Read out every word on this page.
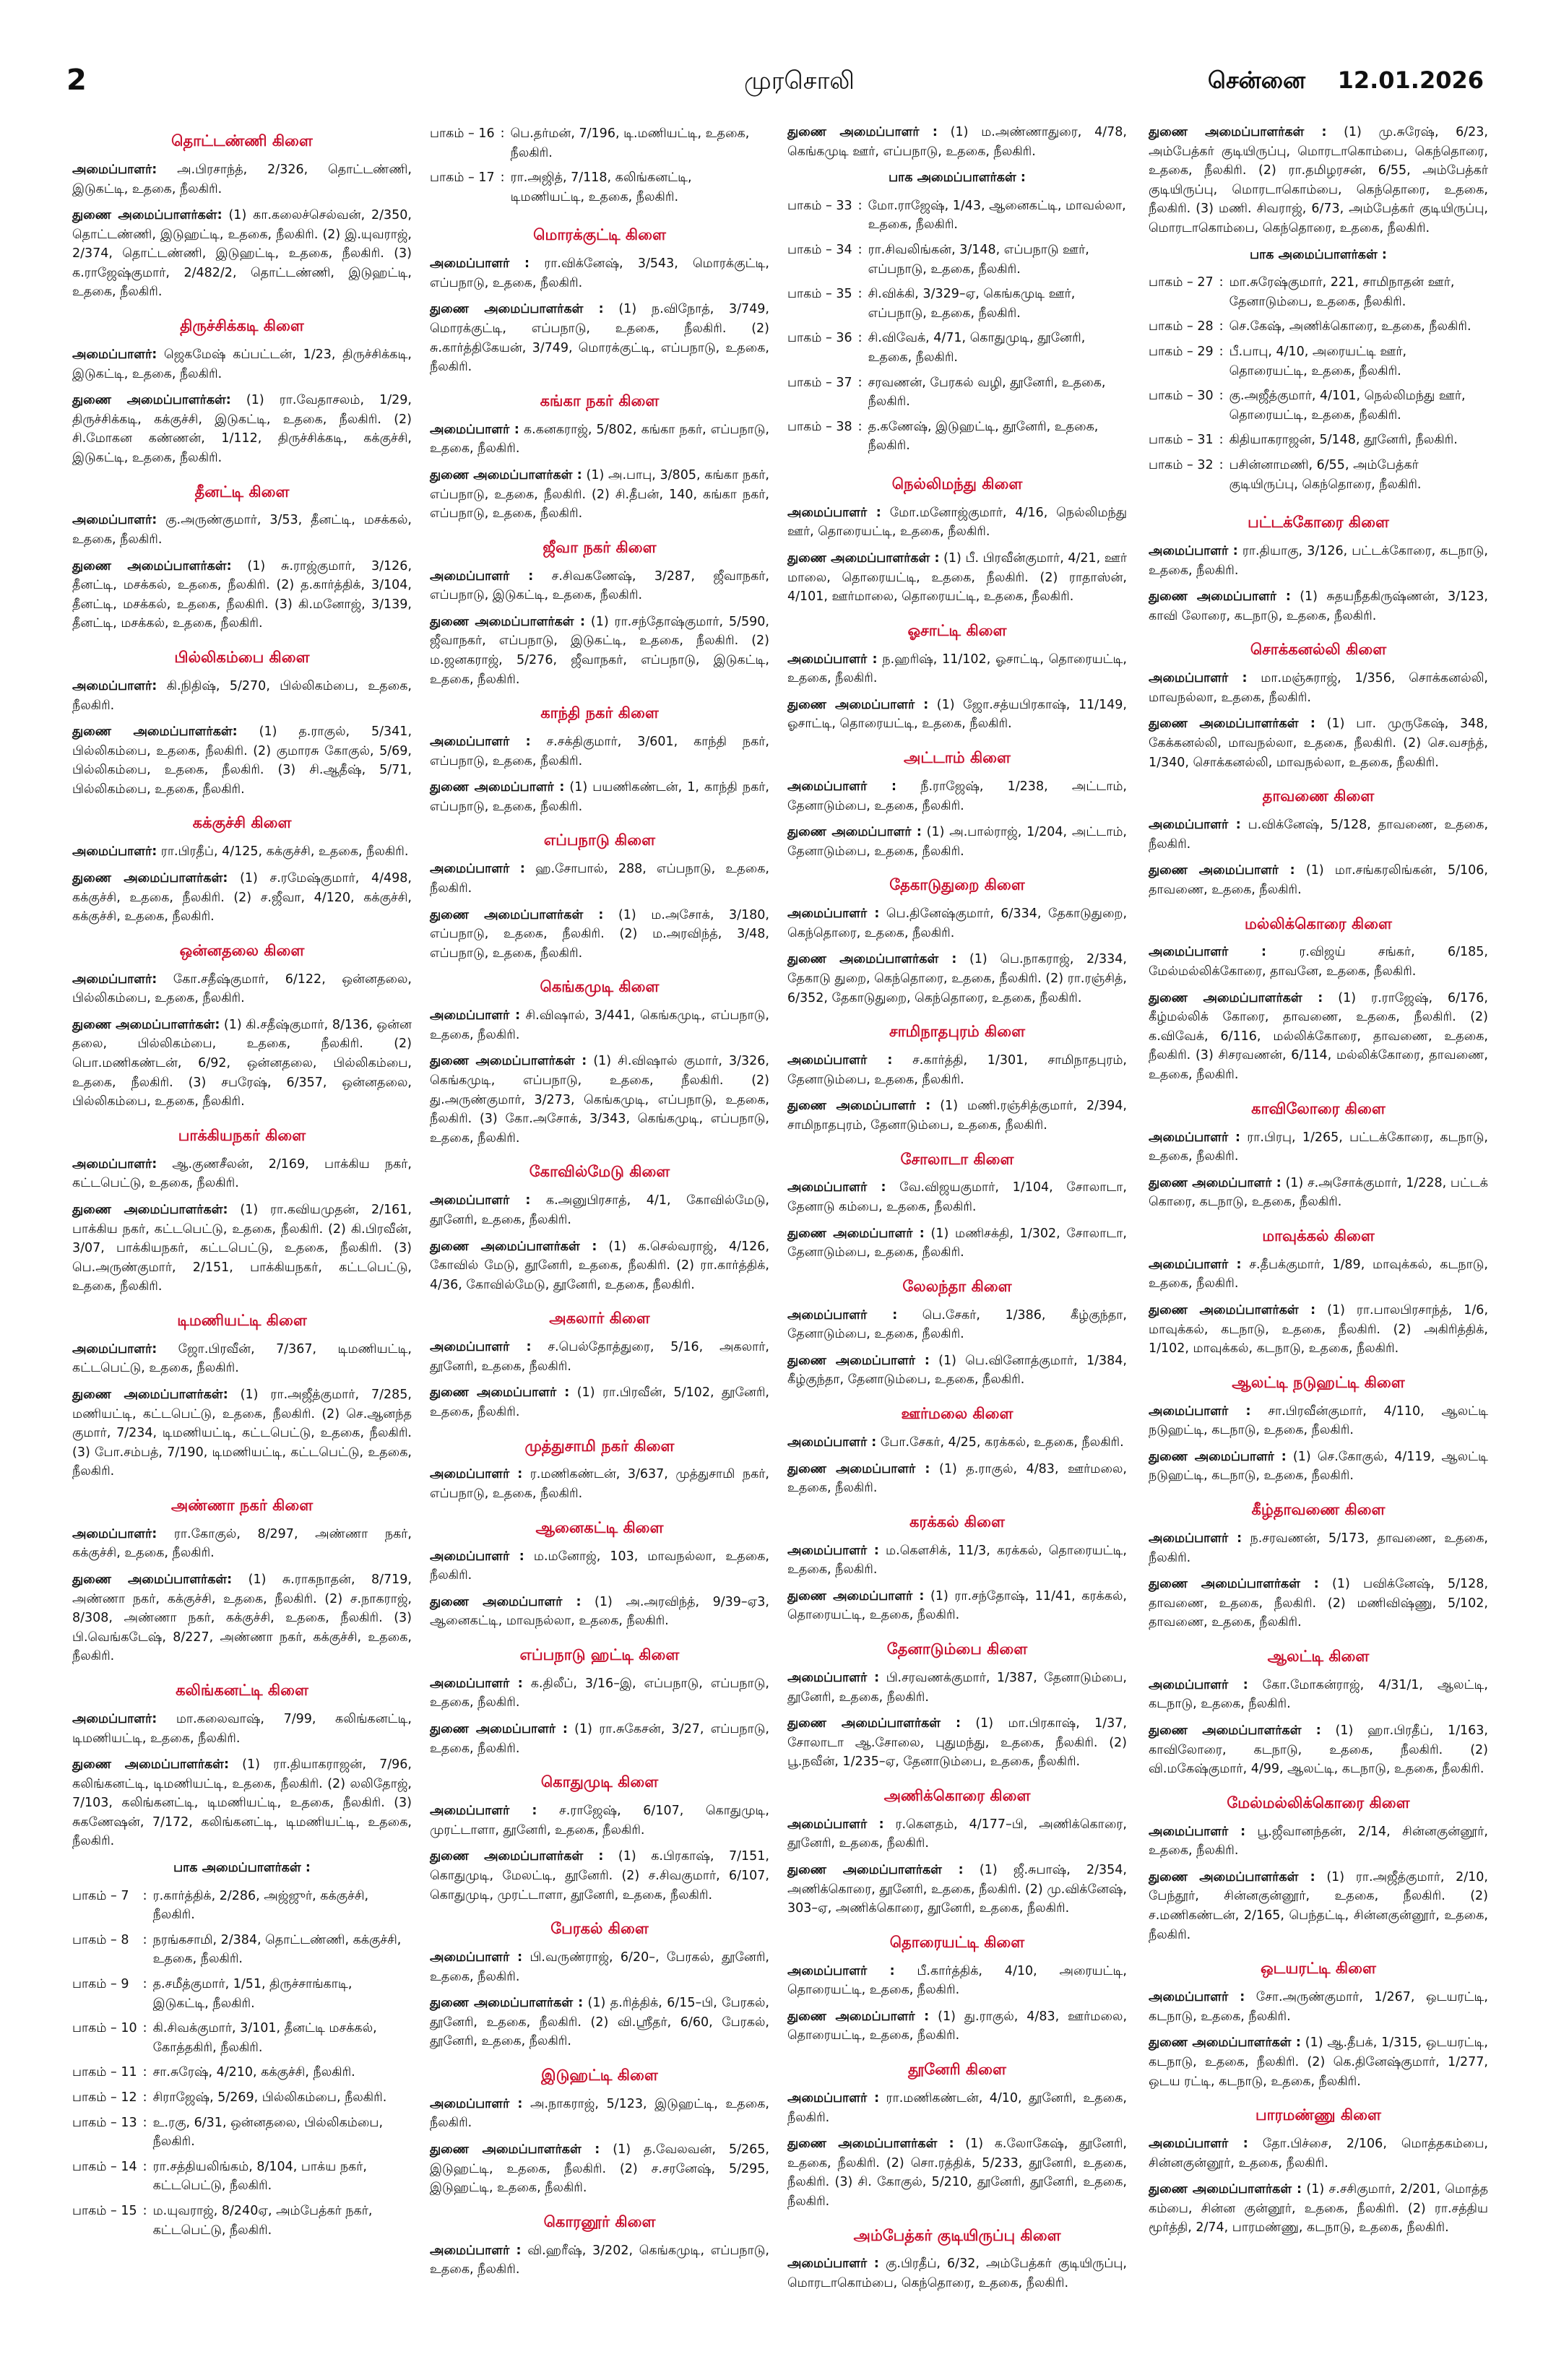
2	முரசொலி	சென்னை 12.01.2026
தொட்டண்ணி கிளை

அமைப்பாளர்: அ.பிரசாந்த், 2/326, தொட்டண்ணி, இடுகட்டி, உதகை, நீலகிரி.

துணை அமைப்பாளர்கள்: (1) கா.கலைச்செல்வன், 2/350, தொட்டண்ணி, இடுஹட்டி, உதகை, நீலகிரி. (2) இ.யுவராஜ், 2/374, தொட்டண்ணி, இடுஹட்டி, உதகை, நீலகிரி. (3) க.ராஜேஷ்குமார், 2/482/2, தொட்டண்ணி, இடுஹட்டி, உதகை, நீலகிரி.

திருச்சிக்கடி கிளை

அமைப்பாளர்: ஜெகமேஷ் கப்பட்டன், 1/23, திருச்சிக்கடி, இடுகட்டி, உதகை, நீலகிரி.

துணை அமைப்பாளர்கள்: (1) ரா.வேதாசலம், 1/29, திருச்சிக்கடி, கக்குச்சி, இடுகட்டி, உதகை, நீலகிரி. (2) சி.மோகன கண்ணன், 1/112, திருச்சிக்கடி, கக்குச்சி, இடுகட்டி, உதகை, நீலகிரி.

தீனட்டி கிளை

அமைப்பாளர்: கு.அருண்குமார், 3/53, தீனட்டி, மசக்கல், உதகை, நீலகிரி.

துணை அமைப்பாளர்கள்: (1) சு.ராஜ்குமார், 3/126, தீனட்டி, மசக்கல், உதகை, நீலகிரி. (2) த.கார்த்திக், 3/104, தீனட்டி, மசக்கல், உதகை, நீலகிரி. (3) கி.மனோஜ், 3/139, தீனட்டி, மசக்கல், உதகை, நீலகிரி.

பில்லிகம்பை கிளை

அமைப்பாளர்: கி.நிதிஷ், 5/270, பில்லிகம்பை, உதகை, நீலகிரி.

துணை அமைப்பாளர்கள்: (1) த.ராகுல், 5/341, பில்லிகம்பை, உதகை, நீலகிரி. (2) குமாரசு கோகுல், 5/69, பில்லிகம்பை, உதகை, நீலகிரி. (3) சி.ஆதீஷ், 5/71, பில்லிகம்பை, உதகை, நீலகிரி.

கக்குச்சி கிளை

அமைப்பாளர்: ரா.பிரதீப், 4/125, கக்குச்சி, உதகை, நீலகிரி.

துணை அமைப்பாளர்கள்: (1) ச.ரமேஷ்குமார், 4/498, கக்குச்சி, உதகை, நீலகிரி. (2) ச.ஜீவா, 4/120, கக்குச்சி, கக்குச்சி, உதகை, நீலகிரி.

ஒன்னதலை கிளை

அமைப்பாளர்: கோ.சதீஷ்குமார், 6/122, ஒன்னதலை, பில்லிகம்பை, உதகை, நீலகிரி.

துணை அமைப்பாளர்கள்: (1) கி.சதீஷ்குமார், 8/136, ஒன்ன தலை, பில்லிகம்பை, உதகை, நீலகிரி. (2) பொ.மணிகண்டன், 6/92, ஒன்னதலை, பில்லிகம்பை, உதகை, நீலகிரி. (3) சபரேஷ், 6/357, ஒன்னதலை, பில்லிகம்பை, உதகை, நீலகிரி.

பாக்கியநகர் கிளை

அமைப்பாளர்: ஆ.குணசீலன், 2/169, பாக்கிய நகர், கட்டபெட்டு, உதகை, நீலகிரி.

துணை அமைப்பாளர்கள்: (1) ரா.கவியமுதன், 2/161, பாக்கிய நகர், கட்டபெட்டு, உதகை, நீலகிரி. (2) கி.பிரவீன், 3/07, பாக்கியநகர், கட்டபெட்டு, உதகை, நீலகிரி. (3) பெ.அருண்குமார், 2/151, பாக்கியநகர், கட்டபெட்டு, உதகை, நீலகிரி.

டிமணியட்டி கிளை

அமைப்பாளர்: ஜோ.பிரவீன், 7/367, டிமணியட்டி, கட்டபெட்டு, உதகை, நீலகிரி.

துணை அமைப்பாளர்கள்: (1) ரா.அஜீத்குமார், 7/285, மணியட்டி, கட்டபெட்டு, உதகை, நீலகிரி. (2) செ.ஆனந்த குமார், 7/234, டிமணியட்டி, கட்டபெட்டு, உதகை, நீலகிரி. (3) போ.சம்பத், 7/190, டிமணியட்டி, கட்டபெட்டு, உதகை, நீலகிரி.

அண்ணா நகர் கிளை

அமைப்பாளர்: ரா.கோகுல், 8/297, அண்ணா நகர், கக்குச்சி, உதகை, நீலகிரி.

துணை அமைப்பாளர்கள்: (1) சு.ராகநாதன், 8/719, அண்ணா நகர், கக்குச்சி, உதகை, நீலகிரி. (2) ச.நாகராஜ், 8/308, அண்ணா நகர், கக்குச்சி, உதகை, நீலகிரி. (3) பி.வெங்கடேஷ், 8/227, அண்ணா நகர், கக்குச்சி, உதகை, நீலகிரி.

கலிங்கனட்டி கிளை

அமைப்பாளர்: மா.கலைவாஷ், 7/99, கலிங்கனட்டி, டிமணியட்டி, உதகை, நீலகிரி.

துணை அமைப்பாளர்கள்: (1) ரா.தியாகராஜன், 7/96, கலிங்கனட்டி, டிமணியட்டி, உதகை, நீலகிரி. (2) லலிதோஜ், 7/103, கலிங்கனட்டி, டிமணியட்டி, உதகை, நீலகிரி. (3) சுகணேஷன், 7/172, கலிங்கனட்டி, டிமணியட்டி, உதகை, நீலகிரி.

பாக அமைப்பாளர்கள் :
பாகம் – 7	:	ர.கார்த்திக், 2/286, அஜ்ஜுர், கக்குச்சி, நீலகிரி.
பாகம் – 8	:	நரங்கசாமி, 2/384, தொட்டண்ணி, கக்குச்சி, உதகை, நீலகிரி.
பாகம் – 9	:	த.சமீத்குமார், 1/51, திருச்சாங்காடி, இடுகட்டி, நீலகிரி.
பாகம் – 10	:	கி.சிவக்குமார், 3/101, தீனட்டி மசக்கல், கோத்தகிரி, நீலகிரி.
பாகம் – 11	:	சா.சுரேஷ், 4/210, கக்குச்சி, நீலகிரி.
பாகம் – 12	:	சிராஜேஷ், 5/269, பில்லிகம்பை, நீலகிரி.
பாகம் – 13	:	உ.ரகு, 6/31, ஒன்னதலை, பில்லிகம்பை, நீலகிரி.
பாகம் – 14	:	ரா.சத்தியலிங்கம், 8/104, பாக்ய நகர், கட்டபெட்டு, நீலகிரி.
பாகம் – 15	:	ம.யுவராஜ், 8/240ஏ, அம்பேத்கர் நகர், கட்டபெட்டு, நீலகிரி.
பாகம் – 16	:	பெ.தர்மன், 7/196, டி.மணியட்டி, உதகை, நீலகிரி.
பாகம் – 17	:	ரா.அஜித், 7/118, கலிங்கனட்டி, டிமணியட்டி, உதகை, நீலகிரி.
மொரக்குட்டி கிளை

அமைப்பாளர் : ரா.விக்னேஷ், 3/543, மொரக்குட்டி, எப்பநாடு, உதகை, நீலகிரி.

துணை அமைப்பாளர்கள் : (1) ந.விநோத், 3/749, மொரக்குட்டி, எப்பநாடு, உதகை, நீலகிரி. (2) சு.கார்த்திகேயன், 3/749, மொரக்குட்டி, எப்பநாடு, உதகை, நீலகிரி.

கங்கா நகர் கிளை

அமைப்பாளர் : க.கனகராஜ், 5/802, கங்கா நகர், எப்பநாடு, உதகை, நீலகிரி.

துணை அமைப்பாளர்கள் : (1) அ.பாபு, 3/805, கங்கா நகர், எப்பநாடு, உதகை, நீலகிரி. (2) சி.தீபன், 140, கங்கா நகர், எப்பநாடு, உதகை, நீலகிரி.

ஜீவா நகர் கிளை

அமைப்பாளர் : ச.சிவகணேஷ், 3/287, ஜீவாநகர், எப்பநாடு, இடுகட்டி, உதகை, நீலகிரி.

துணை அமைப்பாளர்கள் : (1) ரா.சந்தோஷ்குமார், 5/590, ஜீவாநகர், எப்பநாடு, இடுகட்டி, உதகை, நீலகிரி. (2) ம.ஜனகராஜ், 5/276, ஜீவாநகர், எப்பநாடு, இடுகட்டி, உதகை, நீலகிரி.

காந்தி நகர் கிளை

அமைப்பாளர் : ச.சக்திகுமார், 3/601, காந்தி நகர், எப்பநாடு, உதகை, நீலகிரி.

துணை அமைப்பாளர் : (1) பயணிகண்டன், 1, காந்தி நகர், எப்பநாடு, உதகை, நீலகிரி.

எப்பநாடு கிளை

அமைப்பாளர் : ஹ.சோபால், 288, எப்பநாடு, உதகை, நீலகிரி.

துணை அமைப்பாளர்கள் : (1) ம.அசோக், 3/180, எப்பநாடு, உதகை, நீலகிரி. (2) ம.அரவிந்த், 3/48, எப்பநாடு, உதகை, நீலகிரி.

கெங்கமுடி கிளை

அமைப்பாளர் : சி.விஷால், 3/441, கெங்கமுடி, எப்பநாடு, உதகை, நீலகிரி.

துணை அமைப்பாளர்கள் : (1) சி.விஷால் குமார், 3/326, கெங்கமுடி, எப்பநாடு, உதகை, நீலகிரி. (2) து.அருண்குமார், 3/273, கெங்கமுடி, எப்பநாடு, உதகை, நீலகிரி. (3) கோ.அசோக், 3/343, கெங்கமுடி, எப்பநாடு, உதகை, நீலகிரி.

கோவில்மேடு கிளை

அமைப்பாளர் : க.அனுபிரசாத், 4/1, கோவில்மேடு, தூனேரி, உதகை, நீலகிரி.

துணை அமைப்பாளர்கள் : (1) க.செல்வராஜ், 4/126, கோவில் மேடு, தூனேரி, உதகை, நீலகிரி. (2) ரா.கார்த்திக், 4/36, கோவில்மேடு, தூனேரி, உதகை, நீலகிரி.

அகலார் கிளை

அமைப்பாளர் : ச.பெல்தோத்துரை, 5/16, அகலார், தூனேரி, உதகை, நீலகிரி.

துணை அமைப்பாளர் : (1) ரா.பிரவீன், 5/102, தூனேரி, உதகை, நீலகிரி.

முத்துசாமி நகர் கிளை

அமைப்பாளர் : ர.மணிகண்டன், 3/637, முத்துசாமி நகர், எப்பநாடு, உதகை, நீலகிரி.

ஆனைகட்டி கிளை

அமைப்பாளர் : ம.மனோஜ், 103, மாவநல்லா, உதகை, நீலகிரி.

துணை அமைப்பாளர் : (1) அ.அரவிந்த், 9/39–ஏ3, ஆனைகட்டி, மாவநல்லா, உதகை, நீலகிரி.

எப்பநாடு ஹட்டி கிளை

அமைப்பாளர் : க.திலீப், 3/16–இ, எப்பநாடு, எப்பநாடு, உதகை, நீலகிரி.

துணை அமைப்பாளர் : (1) ரா.சுகேசன், 3/27, எப்பநாடு, உதகை, நீலகிரி.

கொதுமுடி கிளை

அமைப்பாளர் : ச.ராஜேஷ், 6/107, கொதுமுடி, முரட்டாளா, தூனேரி, உதகை, நீலகிரி.

துணை அமைப்பாளர்கள் : (1) க.பிரகாஷ், 7/151, கொதுமுடி, மேலட்டி, தூனேரி. (2) ச.சிவகுமார், 6/107, கொதுமுடி, முரட்டாளா, தூனேரி, உதகை, நீலகிரி.

பேரகல் கிளை

அமைப்பாளர் : பி.வருண்ராஜ், 6/20–, பேரகல், தூனேரி, உதகை, நீலகிரி.

துணை அமைப்பாளர்கள் : (1) த.ரித்திக், 6/15–பி, பேரகல், தூனேரி, உதகை, நீலகிரி. (2) வி.ஸ்ரீதர், 6/60, பேரகல், தூனேரி, உதகை, நீலகிரி.

இடுஹட்டி கிளை

அமைப்பாளர் : அ.நாகராஜ், 5/123, இடுஹட்டி, உதகை, நீலகிரி.

துணை அமைப்பாளர்கள் : (1) த.வேலவன், 5/265, இடுஹட்டி, உதகை, நீலகிரி. (2) ச.சரனேஷ், 5/295, இடுஹட்டி, உதகை, நீலகிரி.

கொரனூர் கிளை

அமைப்பாளர் : வி.ஹரீஷ், 3/202, கெங்கமுடி, எப்பநாடு, உதகை, நீலகிரி.

துணை அமைப்பாளர் : (1) ம.அண்ணாதுரை, 4/78, கெங்கமுடி ஊர், எப்பநாடு, உதகை, நீலகிரி.

பாக அமைப்பாளர்கள் :
பாகம் – 33	:	மோ.ராஜேஷ், 1/43, ஆனைகட்டி, மாவல்லா, உதகை, நீலகிரி.
பாகம் – 34	:	ரா.சிவலிங்கன், 3/148, எப்பநாடு ஊர், எப்பநாடு, உதகை, நீலகிரி.
பாகம் – 35	:	சி.விக்கி, 3/329–ஏ, கெங்கமுடி ஊர், எப்பநாடு, உதகை, நீலகிரி.
பாகம் – 36	:	சி.விவேக், 4/71, கொதுமுடி, தூனேரி, உதகை, நீலகிரி.
பாகம் – 37	:	சரவணன், பேரகல் வழி, தூனேரி, உதகை, நீலகிரி.
பாகம் – 38	:	த.கணேஷ், இடுஹட்டி, தூனேரி, உதகை, நீலகிரி.
நெல்லிமந்து கிளை

அமைப்பாளர் : மோ.மனோஜ்குமார், 4/16, நெல்லிமந்து ஊர், தொரையட்டி, உதகை, நீலகிரி.

துணை அமைப்பாளர்கள் : (1) பீ. பிரவீன்குமார், 4/21, ஊர் மாலை, தொரையட்டி, உதகை, நீலகிரி. (2) ராதாஸ்ன், 4/101, ஊர்மாலை, தொரையட்டி, உதகை, நீலகிரி.

ஓசாட்டி கிளை

அமைப்பாளர் : ந.ஹரிஷ், 11/102, ஓசாட்டி, தொரையட்டி, உதகை, நீலகிரி.

துணை அமைப்பாளர் : (1) ஜோ.சத்யபிரகாஷ், 11/149, ஓசாட்டி, தொரையட்டி, உதகை, நீலகிரி.

அட்டாம் கிளை

அமைப்பாளர் : நீ.ராஜேஷ், 1/238, அட்டாம், தேனாடும்பை, உதகை, நீலகிரி.

துணை அமைப்பாளர் : (1) அ.பால்ராஜ், 1/204, அட்டாம், தேனாடும்பை, உதகை, நீலகிரி.

தேகாடுதுறை கிளை

அமைப்பாளர் : பெ.தினேஷ்குமார், 6/334, தேகாடுதுறை, கெந்தொரை, உதகை, நீலகிரி.

துணை அமைப்பாளர்கள் : (1) பெ.நாகராஜ், 2/334, தேகாடு துறை, கெந்தொரை, உதகை, நீலகிரி. (2) ரா.ரஞ்சித், 6/352, தேகாடுதுறை, கெந்தொரை, உதகை, நீலகிரி.

சாமிநாதபுரம் கிளை

அமைப்பாளர் : ச.கார்த்தி, 1/301, சாமிநாதபுரம், தேனாடும்பை, உதகை, நீலகிரி.

துணை அமைப்பாளர் : (1) மணி.ரஞ்சித்குமார், 2/394, சாமிநாதபுரம், தேனாடும்பை, உதகை, நீலகிரி.

சோலாடா கிளை

அமைப்பாளர் : வே.விஜயகுமார், 1/104, சோலாடா, தேனாடு கம்பை, உதகை, நீலகிரி.

துணை அமைப்பாளர் : (1) மணிசக்தி, 1/302, சோலாடா, தேனாடும்பை, உதகை, நீலகிரி.

லேலந்தா கிளை

அமைப்பாளர் : பெ.சேகர், 1/386, கீழ்குந்தா, தேனாடும்பை, உதகை, நீலகிரி.

துணை அமைப்பாளர் : (1) பெ.வினோத்குமார், 1/384, கீழ்குந்தா, தேனாடும்பை, உதகை, நீலகிரி.

ஊர்மலை கிளை

அமைப்பாளர் : போ.சேகர், 4/25, கரக்கல், உதகை, நீலகிரி.

துணை அமைப்பாளர் : (1) த.ராகுல், 4/83, ஊர்மலை, உதகை, நீலகிரி.

கரக்கல் கிளை

அமைப்பாளர் : ம.கௌசிக், 11/3, கரக்கல், தொரையட்டி, உதகை, நீலகிரி.

துணை அமைப்பாளர் : (1) ரா.சந்தோஷ், 11/41, கரக்கல், தொரையட்டி, உதகை, நீலகிரி.

தேனாடும்பை கிளை

அமைப்பாளர் : பி.சரவணக்குமார், 1/387, தேனாடும்பை, தூனேரி, உதகை, நீலகிரி.

துணை அமைப்பாளர்கள் : (1) மா.பிரகாஷ், 1/37, சோலாடா ஆ.சோலை, புதுமந்து, உதகை, நீலகிரி. (2) பூ.நவீன், 1/235–ஏ, தேனாடும்பை, உதகை, நீலகிரி.

அணிக்கொரை கிளை

அமைப்பாளர் : ர.கௌதம், 4/177–பி, அணிக்கொரை, தூனேரி, உதகை, நீலகிரி.

துணை அமைப்பாளர்கள் : (1) ஜீ.சுபாஷ், 2/354, அணிக்கொரை, தூனேரி, உதகை, நீலகிரி. (2) மு.விக்னேஷ், 303–ஏ, அணிக்கொரை, தூனேரி, உதகை, நீலகிரி.

தொரையட்டி கிளை

அமைப்பாளர் : பீ.கார்த்திக், 4/10, அரையட்டி, தொரையட்டி, உதகை, நீலகிரி.

துணை அமைப்பாளர் : (1) து.ராகுல், 4/83, ஊர்மலை, தொரையட்டி, உதகை, நீலகிரி.

தூனேரி கிளை

அமைப்பாளர் : ரா.மணிகண்டன், 4/10, தூனேரி, உதகை, நீலகிரி.

துணை அமைப்பாளர்கள் : (1) க.லோகேஷ், தூனேரி, உதகை, நீலகிரி. (2) சொ.ரத்திக், 5/233, தூனேரி, உதகை, நீலகிரி. (3) சி. கோகுல், 5/210, தூனேரி, தூனேரி, உதகை, நீலகிரி.

அம்பேத்கர் குடியிருப்பு கிளை

அமைப்பாளர் : கு.பிரதீப், 6/32, அம்பேத்கர் குடியிருப்பு, மொரடாகொம்பை, கெந்தொரை, உதகை, நீலகிரி.

துணை அமைப்பாளர்கள் : (1) மு.சுரேஷ், 6/23, அம்பேத்கர் குடியிருப்பு, மொரடாகொம்பை, கெந்தொரை, உதகை, நீலகிரி. (2) ரா.தமிழரசன், 6/55, அம்பேத்கர் குடியிருப்பு, மொரடாகொம்பை, கெந்தொரை, உதகை, நீலகிரி. (3) மணி. சிவராஜ், 6/73, அம்பேத்கர் குடியிருப்பு, மொரடாகொம்பை, கெந்தொரை, உதகை, நீலகிரி.

பாக அமைப்பாளர்கள் :
பாகம் – 27	:	மா.சுரேஷ்குமார், 221, சாமிநாதன் ஊர், தேனாடும்பை, உதகை, நீலகிரி.
பாகம் – 28	:	செ.கேஷ், அணிக்கொரை, உதகை, நீலகிரி.
பாகம் – 29	:	பீ.பாபு, 4/10, அரையட்டி ஊர், தொரையட்டி, உதகை, நீலகிரி.
பாகம் – 30	:	கு.அஜீத்குமார், 4/101, நெல்லிமந்து ஊர், தொரையட்டி, உதகை, நீலகிரி.
பாகம் – 31	:	கிதியாகராஜன், 5/148, தூனேரி, நீலகிரி.
பாகம் – 32	:	பசின்னாமணி, 6/55, அம்பேத்கர் குடியிருப்பு, கெந்தொரை, நீலகிரி.
பட்டக்கோரை கிளை

அமைப்பாளர் : ரா.தியாகு, 3/126, பட்டக்கோரை, கடநாடு, உதகை, நீலகிரி.

துணை அமைப்பாளர் : (1) சுதயநீதகிருஷ்ணன், 3/123, காவி லோரை, கடநாடு, உதகை, நீலகிரி.

சொக்கனல்லி கிளை

அமைப்பாளர் : மா.மஞ்சுராஜ், 1/356, சொக்கனல்லி, மாவநல்லா, உதகை, நீலகிரி.

துணை அமைப்பாளர்கள் : (1) பா. முருகேஷ், 348, கேக்கனல்லி, மாவநல்லா, உதகை, நீலகிரி. (2) செ.வசந்த், 1/340, சொக்கனல்லி, மாவநல்லா, உதகை, நீலகிரி.

தாவணை கிளை

அமைப்பாளர் : ப.விக்னேஷ், 5/128, தாவணை, உதகை, நீலகிரி.

துணை அமைப்பாளர் : (1) மா.சங்கரலிங்கன், 5/106, தாவணை, உதகை, நீலகிரி.

மல்லிக்கொரை கிளை

அமைப்பாளர் : ர.விஜய் சங்கர், 6/185, மேல்மல்லிக்கோரை, தாவனே, உதகை, நீலகிரி.

துணை அமைப்பாளர்கள் : (1) ர.ராஜேஷ், 6/176, கீழ்மல்லிக் கோரை, தாவணை, உதகை, நீலகிரி. (2) க.விவேக், 6/116, மல்லிக்கோரை, தாவணை, உதகை, நீலகிரி. (3) சிசரவணன், 6/114, மல்லிக்கோரை, தாவணை, உதகை, நீலகிரி.

காவிலோரை கிளை

அமைப்பாளர் : ரா.பிரபு, 1/265, பட்டக்கோரை, கடநாடு, உதகை, நீலகிரி.

துணை அமைப்பாளர் : (1) ச.அசோக்குமார், 1/228, பட்டக் கொரை, கடநாடு, உதகை, நீலகிரி.

மாவுக்கல் கிளை

அமைப்பாளர் : ச.தீபக்குமார், 1/89, மாவுக்கல், கடநாடு, உதகை, நீலகிரி.

துணை அமைப்பாளர்கள் : (1) ரா.பாலபிரசாந்த், 1/6, மாவுக்கல், கடநாடு, உதகை, நீலகிரி. (2) அகிரித்திக், 1/102, மாவுக்கல், கடநாடு, உதகை, நீலகிரி.

ஆலட்டி நடுஹட்டி கிளை

அமைப்பாளர் : சா.பிரவீன்குமார், 4/110, ஆலட்டி நடுஹட்டி, கடநாடு, உதகை, நீலகிரி.

துணை அமைப்பாளர் : (1) செ.கோகுல், 4/119, ஆலட்டி நடுஹட்டி, கடநாடு, உதகை, நீலகிரி.

கீழ்தாவணை கிளை

அமைப்பாளர் : ந.சரவணன், 5/173, தாவணை, உதகை, நீலகிரி.

துணை அமைப்பாளர்கள் : (1) பவிக்னேஷ், 5/128, தாவணை, உதகை, நீலகிரி. (2) மணிவிஷ்ணு, 5/102, தாவணை, உதகை, நீலகிரி.

ஆலட்டி கிளை

அமைப்பாளர் : கோ.மோகன்ராஜ், 4/31/1, ஆலட்டி, கடநாடு, உதகை, நீலகிரி.

துணை அமைப்பாளர்கள் : (1) ஹா.பிரதீப், 1/163, காவிலோரை, கடநாடு, உதகை, நீலகிரி. (2) வி.மகேஷ்குமார், 4/99, ஆலட்டி, கடநாடு, உதகை, நீலகிரி.

மேல்மல்லிக்கொரை கிளை

அமைப்பாளர் : பூ.ஜீவானந்தன், 2/14, சின்னகுன்னூர், உதகை, நீலகிரி.

துணை அமைப்பாளர்கள் : (1) ரா.அஜீத்குமார், 2/10, பேந்தூர், சின்னகுன்னூர், உதகை, நீலகிரி. (2) ச.மணிகண்டன், 2/165, பெந்தட்டி, சின்னகுன்னூர், உதகை, நீலகிரி.

ஒடயரட்டி கிளை

அமைப்பாளர் : சோ.அருண்குமார், 1/267, ஒடயரட்டி, கடநாடு, உதகை, நீலகிரி.

துணை அமைப்பாளர்கள் : (1) ஆ.தீபக், 1/315, ஒடயரட்டி, கடநாடு, உதகை, நீலகிரி. (2) கெ.தினேஷ்குமார், 1/277, ஒடய ரட்டி, கடநாடு, உதகை, நீலகிரி.

பாரமண்ணு கிளை

அமைப்பாளர் : தோ.பிச்சை, 2/106, மொத்தகம்பை, சின்னகுன்னூர், உதகை, நீலகிரி.

துணை அமைப்பாளர்கள் : (1) ச.சசிகுமார், 2/201, மொத்த கம்பை, சின்ன குன்னூர், உதகை, நீலகிரி. (2) ரா.சத்திய மூர்த்தி, 2/74, பாரமண்ணு, கடநாடு, உதகை, நீலகிரி.
